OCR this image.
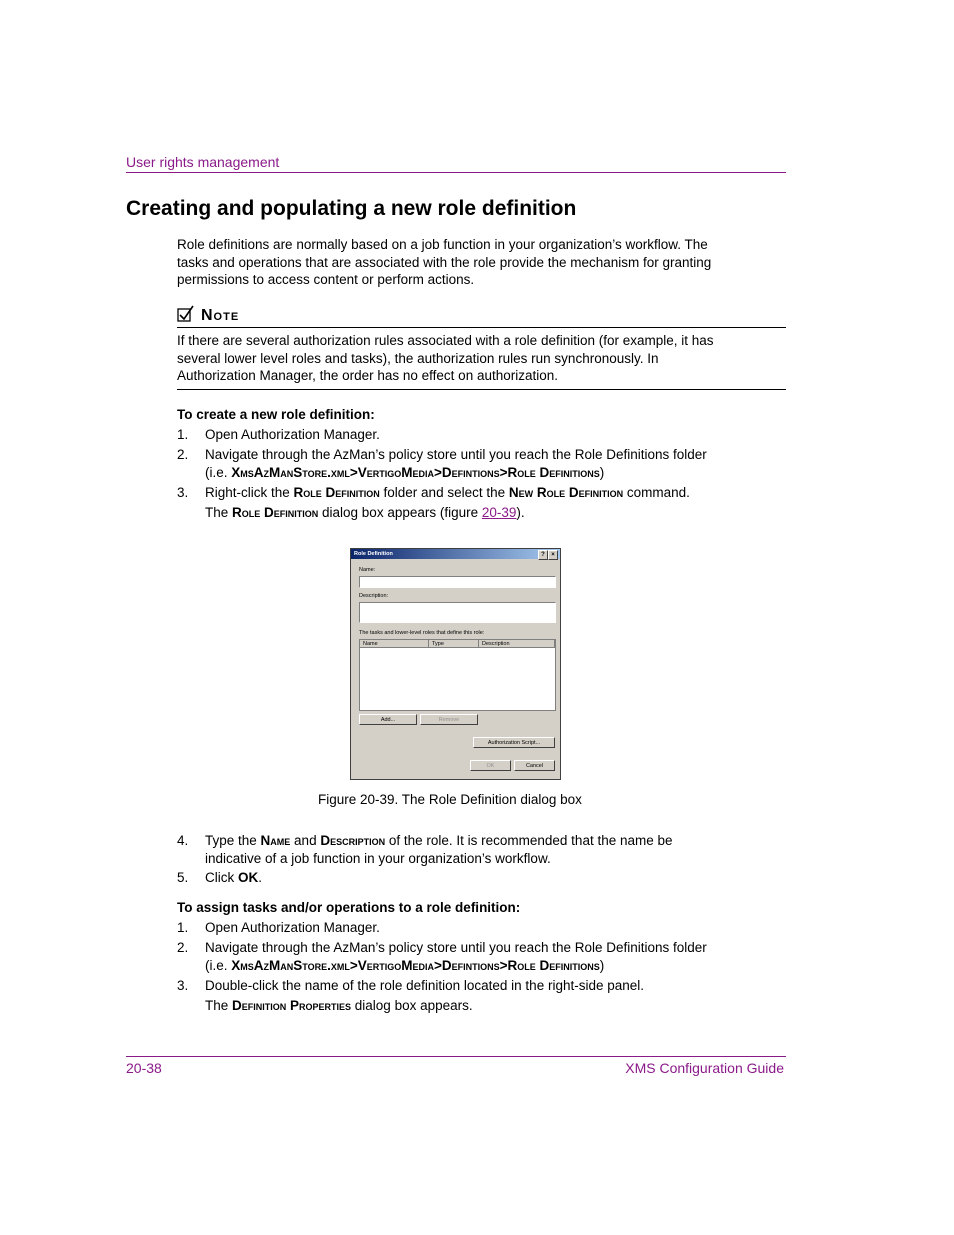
User rights management
Creating and populating a new role definition
Role definitions are normally based on a job function in your organization’s workflow. The
tasks and operations that are associated with the role provide the mechanism for granting
permissions to access content or perform actions.
Note
If there are several authorization rules associated with a role definition (for example, it has
several lower level roles and tasks), the authorization rules run synchronously. In
Authorization Manager, the order has no effect on authorization.
To create a new role definition:
1. Open Authorization Manager.
2. Navigate through the AzMan’s policy store until you reach the Role Definitions folder
(i.e. XmsAzManStore.xml>VertigoMedia>Defintions>Role Definitions)
3. Right-click the Role Definition folder and select the New Role Definition command.
The Role Definition dialog box appears (figure 20-39).
Role Definition	?	×
Name:
Description:
The tasks and lower-level roles that define this role:
Name	Type	Description
Add...	Remove
Authorization Script...
OK	Cancel
Figure 20-39. The Role Definition dialog box
4. Type the Name and Description of the role. It is recommended that the name be
indicative of a job function in your organization’s workflow.
5. Click OK.
To assign tasks and/or operations to a role definition:
1. Open Authorization Manager.
2. Navigate through the AzMan’s policy store until you reach the Role Definitions folder
(i.e. XmsAzManStore.xml>VertigoMedia>Defintions>Role Definitions)
3. Double-click the name of the role definition located in the right-side panel.
The Definition Properties dialog box appears.
20-38	XMS Configuration Guide
